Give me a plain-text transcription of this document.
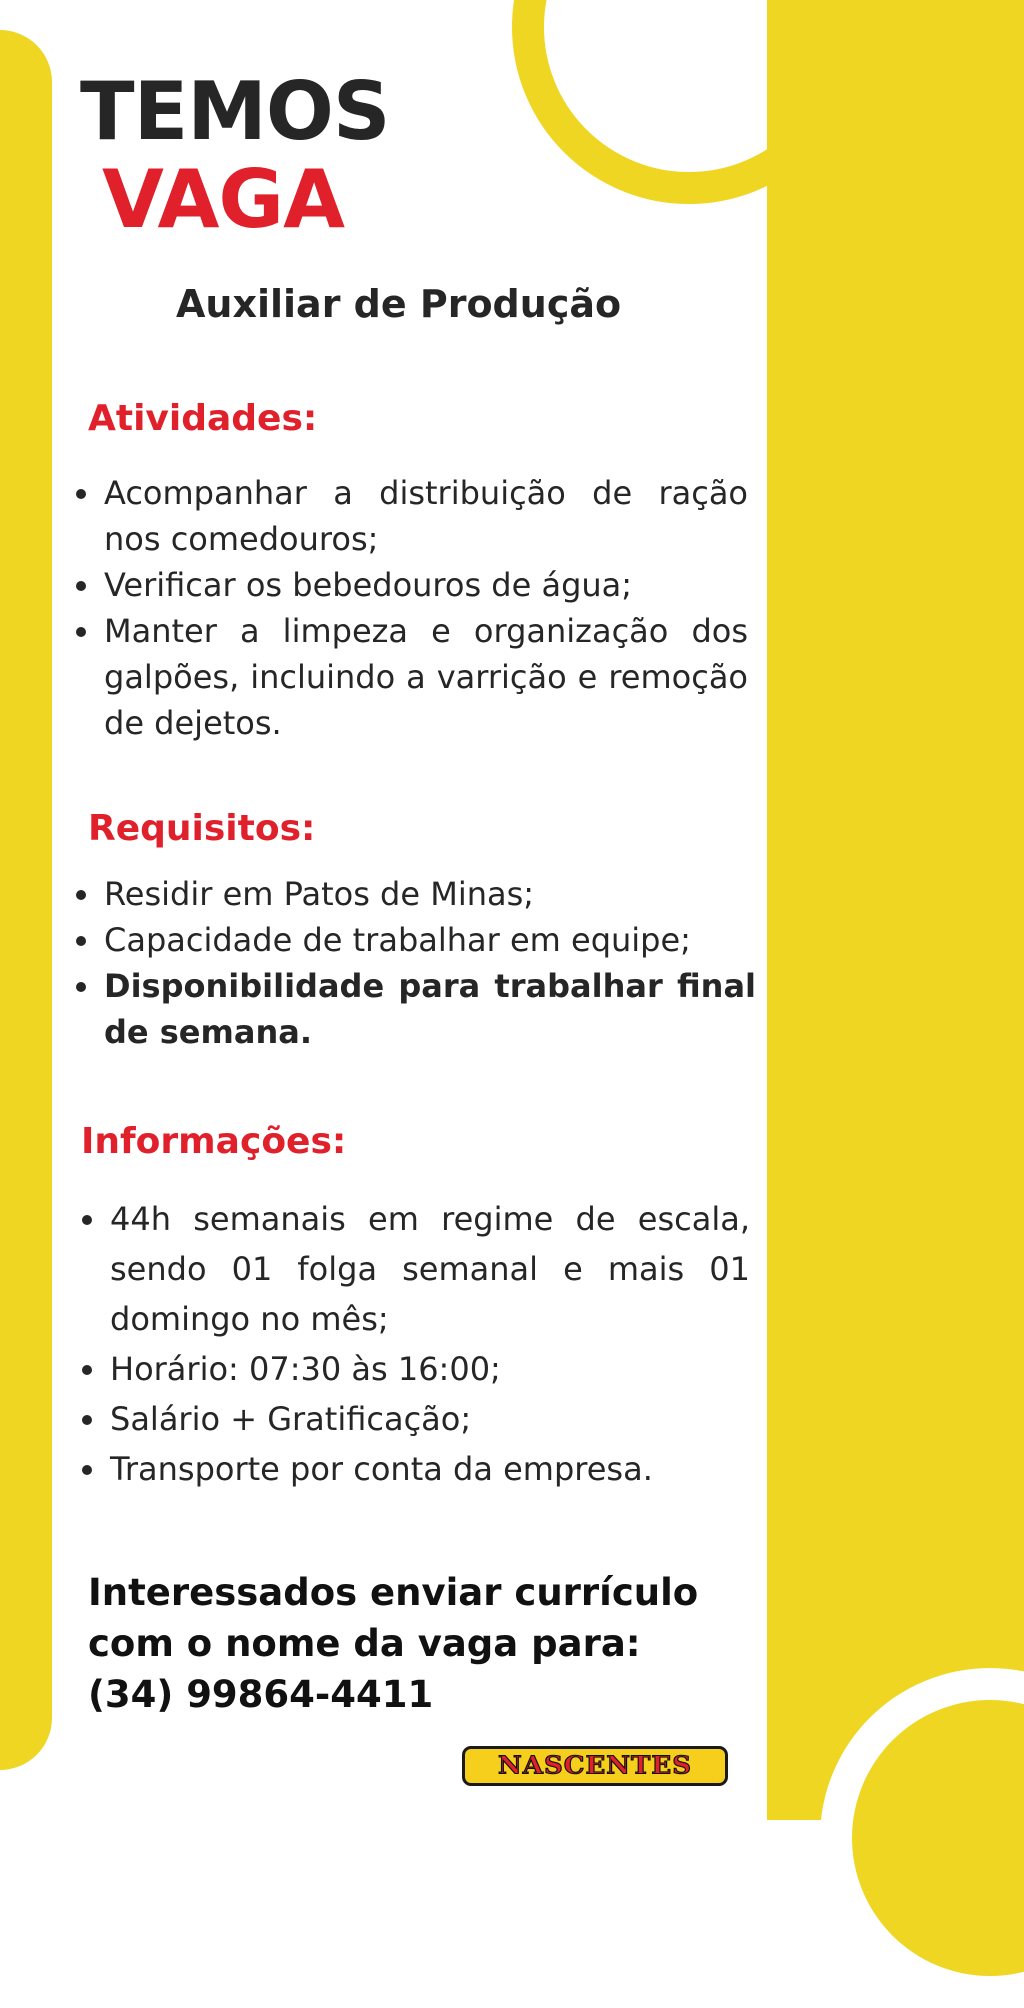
TEMOS
VAGA
Auxiliar de Produção
Atividades:
Acompanhar a distribuição de ração nos comedouros;
Verificar os bebedouros de água;
Manter a limpeza e organização dos galpões, incluindo a varrição e remoção de dejetos.
Requisitos:
Residir em Patos de Minas;
Capacidade de trabalhar em equipe;
Disponibilidade para trabalhar final de semana.
Informações:
44h semanais em regime de escala, sendo 01 folga semanal e mais 01 domingo no mês;
Horário: 07:30 às 16:00;
Salário + Gratificação;
Transporte por conta da empresa.

Interessados enviar currículo
com o nome da vaga para:
(34) 99864-4411

NASCENTES
